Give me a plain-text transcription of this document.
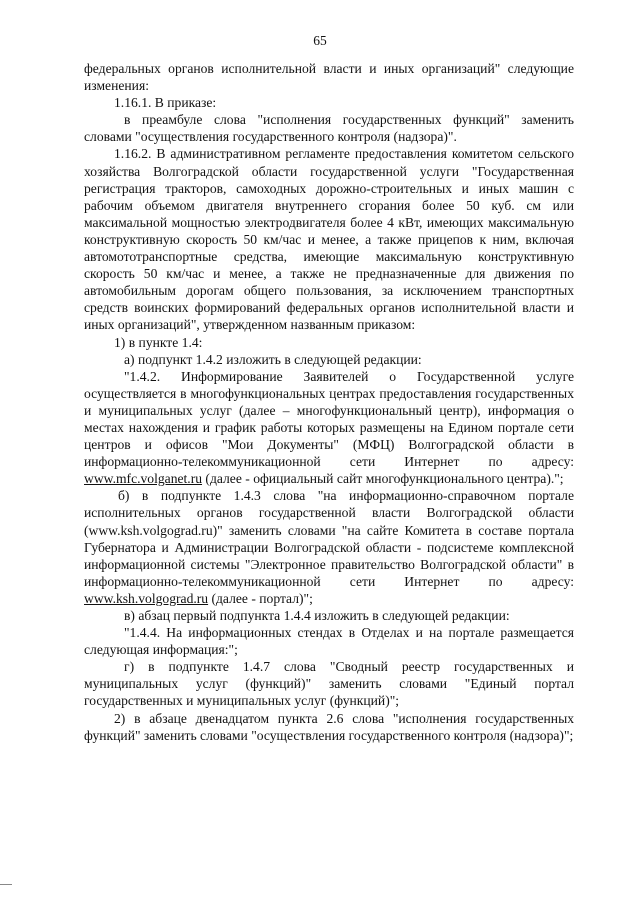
65

федеральных органов исполнительной власти и иных организаций" следующие изменения:

1.16.1. В приказе:

в преамбуле слова "исполнения государственных функций" заменить словами "осуществления государственного контроля (надзора)".

1.16.2. В административном регламенте предоставления комитетом сельского хозяйства Волгоградской области государственной услуги "Государственная регистрация тракторов, самоходных дорожно-строительных и иных машин с рабочим объемом двигателя внутреннего сгорания более 50 куб. см или максимальной мощностью электродвигателя более 4 кВт, имеющих максимальную конструктивную скорость 50 км/час и менее, а также прицепов к ним, включая автомототранспортные средства, имеющие максимальную конструктивную скорость 50 км/час и менее, а также не предназначенные для движения по автомобильным дорогам общего пользования, за исключением транспортных средств воинских формирований федеральных органов исполнительной власти и иных организаций", утвержденном названным приказом:

1) в пункте 1.4:

а) подпункт 1.4.2 изложить в следующей редакции:

"1.4.2. Информирование Заявителей о Государственной услуге осуществляется в многофункциональных центрах предоставления государственных и муниципальных услуг (далее – многофункциональный центр), информация о местах нахождения и график работы которых размещены на Едином портале сети центров и офисов "Мои Документы" (МФЦ) Волгоградской области в информационно-телекоммуникационной сети Интернет по адресу: www.mfc.volganet.ru (далее - официальный сайт многофункционального центра).";

б) в подпункте 1.4.3 слова "на информационно-справочном портале исполнительных органов государственной власти Волгоградской области (www.ksh.volgograd.ru)" заменить словами "на сайте Комитета в составе портала Губернатора и Администрации Волгоградской области - подсистеме комплексной информационной системы "Электронное правительство Волгоградской области" в информационно-телекоммуникационной сети Интернет по адресу: www.ksh.volgograd.ru (далее - портал)";

в) абзац первый подпункта 1.4.4 изложить в следующей редакции:

"1.4.4. На информационных стендах в Отделах и на портале размещается следующая информация:";

г) в подпункте 1.4.7 слова "Сводный реестр государственных и муниципальных услуг (функций)" заменить словами "Единый портал государственных и муниципальных услуг (функций)";

2) в абзаце двенадцатом пункта 2.6 слова "исполнения государственных функций" заменить словами "осуществления государственного контроля (надзора)";
